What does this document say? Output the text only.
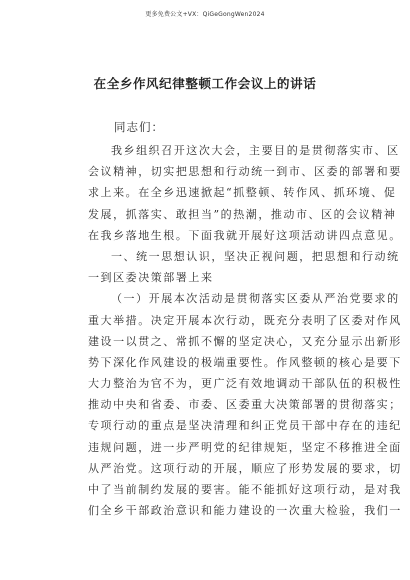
更多免费公文+VX：QiGeGongWen2024
在全乡作风纪律整顿工作会议上的讲话
同志们：
我乡组织召开这次大会，主要目的是贯彻落实市、区
会议精神，切实把思想和行动统一到市、区委的部署和要
求上来。在全乡迅速掀起“抓整顿、转作风、抓环境、促
发展，抓落实、敢担当”的热潮，推动市、区的会议精神
在我乡落地生根。下面我就开展好这项活动讲四点意见。
一、统一思想认识，坚决正视问题，把思想和行动统
一到区委决策部署上来
（一）开展本次活动是贯彻落实区委从严治党要求的
重大举措。决定开展本次行动，既充分表明了区委对作风
建设一以贯之、常抓不懈的坚定决心，又充分显示出新形
势下深化作风建设的极端重要性。作风整顿的核心是要下
大力整治为官不为，更广泛有效地调动干部队伍的积极性
推动中央和省委、市委、区委重大决策部署的贯彻落实；
专项行动的重点是坚决清理和纠正党员干部中存在的违纪
违规问题，进一步严明党的纪律规矩，坚定不移推进全面
从严治党。这项行动的开展，顺应了形势发展的要求，切
中了当前制约发展的要害。能不能抓好这项行动，是对我
们全乡干部政治意识和能力建设的一次重大检验，我们一
